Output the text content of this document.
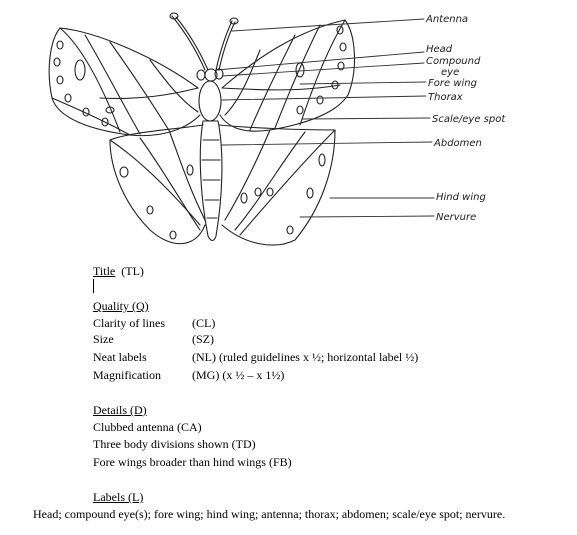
Antenna
Head
Compound
eye
Fore wing
Thorax
Scale/eye spot
Abdomen
Hind wing
Nervure
Title (TL)
Quality (Q)
Clarity of lines (CL)
Size	(SZ)
Neat labels	(NL) (ruled guidelines x ½; horizontal label ½)
Magnification	(MG) (x ½ – x 1½)
Details (D)
Clubbed antenna (CA)
Three body divisions shown (TD)
Fore wings broader than hind wings (FB)
Labels (L)
Head; compound eye(s); fore wing; hind wing; antenna; thorax; abdomen; scale/eye spot; nervure.
